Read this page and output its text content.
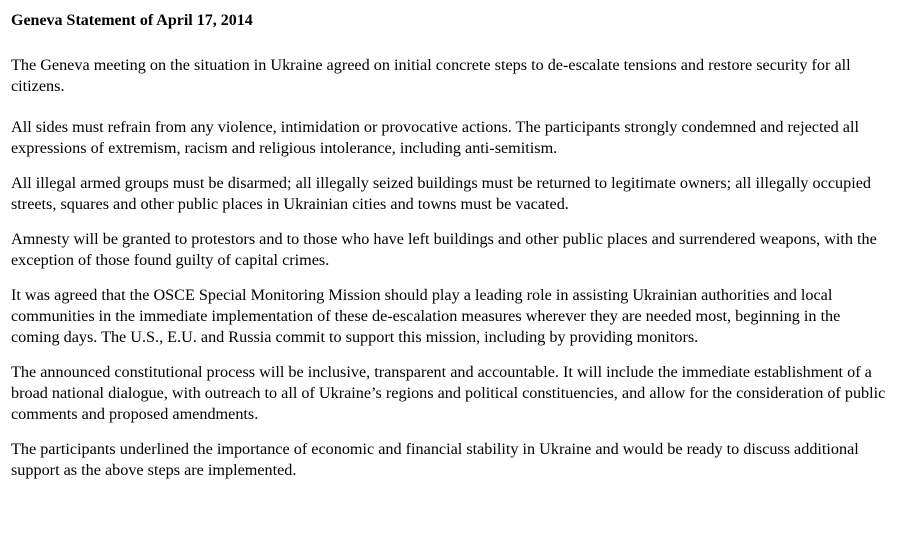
Geneva Statement of April 17, 2014

The Geneva meeting on the situation in Ukraine agreed on initial concrete steps to de-escalate tensions and restore security for all citizens.

All sides must refrain from any violence, intimidation or provocative actions. The participants strongly condemned and rejected all expressions of extremism, racism and religious intolerance, including anti-semitism.

All illegal armed groups must be disarmed; all illegally seized buildings must be returned to legitimate owners; all illegally occupied streets, squares and other public places in Ukrainian cities and towns must be vacated.

Amnesty will be granted to protestors and to those who have left buildings and other public places and surrendered weapons, with the exception of those found guilty of capital crimes.

It was agreed that the OSCE Special Monitoring Mission should play a leading role in assisting Ukrainian authorities and local communities in the immediate implementation of these de-escalation measures wherever they are needed most, beginning in the coming days. The U.S., E.U. and Russia commit to support this mission, including by providing monitors.

The announced constitutional process will be inclusive, transparent and accountable. It will include the immediate establishment of a broad national dialogue, with outreach to all of Ukraine’s regions and political constituencies, and allow for the consideration of public comments and proposed amendments.

The participants underlined the importance of economic and financial stability in Ukraine and would be ready to discuss additional support as the above steps are implemented.
